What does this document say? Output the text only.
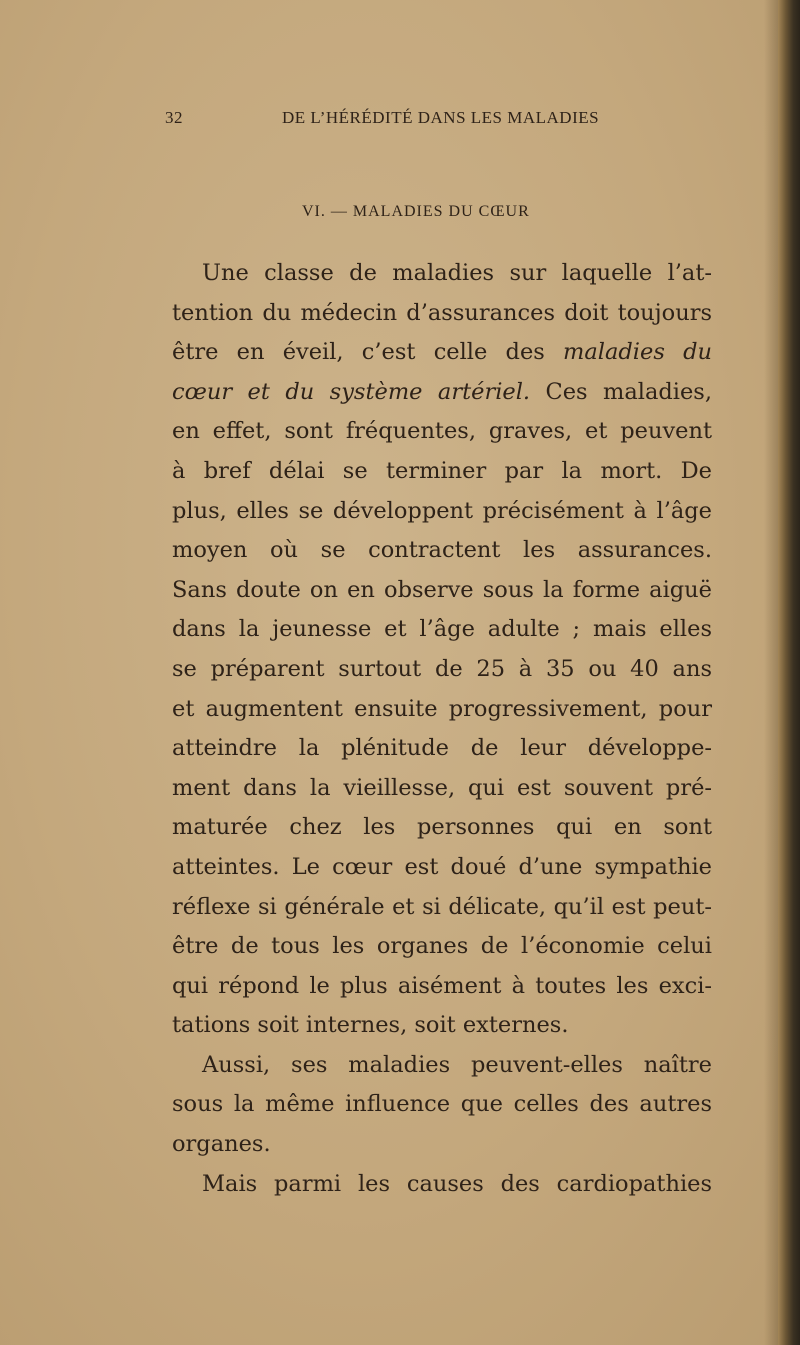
32	DE L’HÉRÉDITÉ DANS LES MALADIES
VI. — MALADIES DU CŒUR
Une classe de maladies sur laquelle l’at-
tention du médecin d’assurances doit toujours
être en éveil, c’est celle des maladies du
cœur et du système artériel. Ces maladies,
en effet, sont fréquentes, graves, et peuvent
à bref délai se terminer par la mort. De
plus, elles se développent précisément à l’âge
moyen où se contractent les assurances.
Sans doute on en observe sous la forme aiguë
dans la jeunesse et l’âge adulte ; mais elles
se préparent surtout de 25 à 35 ou 40 ans
et augmentent ensuite progressivement, pour
atteindre la plénitude de leur développe-
ment dans la vieillesse, qui est souvent pré-
maturée chez les personnes qui en sont
atteintes. Le cœur est doué d’une sympathie
réflexe si générale et si délicate, qu’il est peut-
être de tous les organes de l’économie celui
qui répond le plus aisément à toutes les exci-
tations soit internes, soit externes.
Aussi, ses maladies peuvent-elles naître
sous la même influence que celles des autres
organes.
Mais parmi les causes des cardiopathies
